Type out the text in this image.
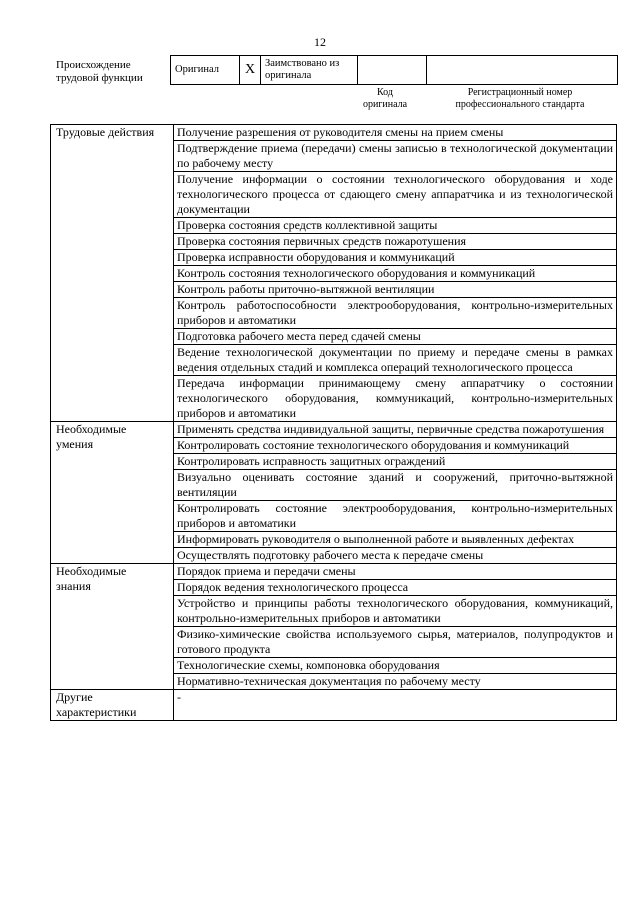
12
Происхождение
трудовой функции
Оригинал	X	Заимствовано из
оригинала

Код
оригинала
Регистрационный номер
профессионального стандарта
Трудовые действия	Получение разрешения от руководителя смены на прием смены
	Подтверждение приема (передачи) смены записью в технологической документации по рабочему месту
	Получение информации о состоянии технологического оборудования и ходе технологического процесса от сдающего смену аппаратчика и из технологической документации
	Проверка состояния средств коллективной защиты
	Проверка состояния первичных средств пожаротушения
	Проверка исправности оборудования и коммуникаций
	Контроль состояния технологического оборудования и коммуникаций
	Контроль работы приточно-вытяжной вентиляции
	Контроль работоспособности электрооборудования, контрольно-измерительных приборов и автоматики
	Подготовка рабочего места перед сдачей смены
	Ведение технологической документации по приему и передаче смены в рамках ведения отдельных стадий и комплекса операций технологического процесса
	Передача информации принимающему смену аппаратчику о состоянии технологического оборудования, коммуникаций, контрольно-измерительных приборов и автоматики

Необходимые
умения	Применять средства индивидуальной защиты, первичные средства пожаротушения
	Контролировать состояние технологического оборудования и коммуникаций
	Контролировать исправность защитных ограждений
	Визуально оценивать состояние зданий и сооружений, приточно-вытяжной вентиляции
	Контролировать состояние электрооборудования, контрольно-измерительных приборов и автоматики
	Информировать руководителя о выполненной работе и выявленных дефектах
	Осуществлять подготовку рабочего места к передаче смены

Необходимые
знания	Порядок приема и передачи смены
	Порядок ведения технологического процесса
	Устройство и принципы работы технологического оборудования, коммуникаций, контрольно-измерительных приборов и автоматики
	Физико-химические свойства используемого сырья, материалов, полупродуктов и готового продукта
	Технологические схемы, компоновка оборудования
	Нормативно-техническая документация по рабочему месту

Другие
характеристики	-
